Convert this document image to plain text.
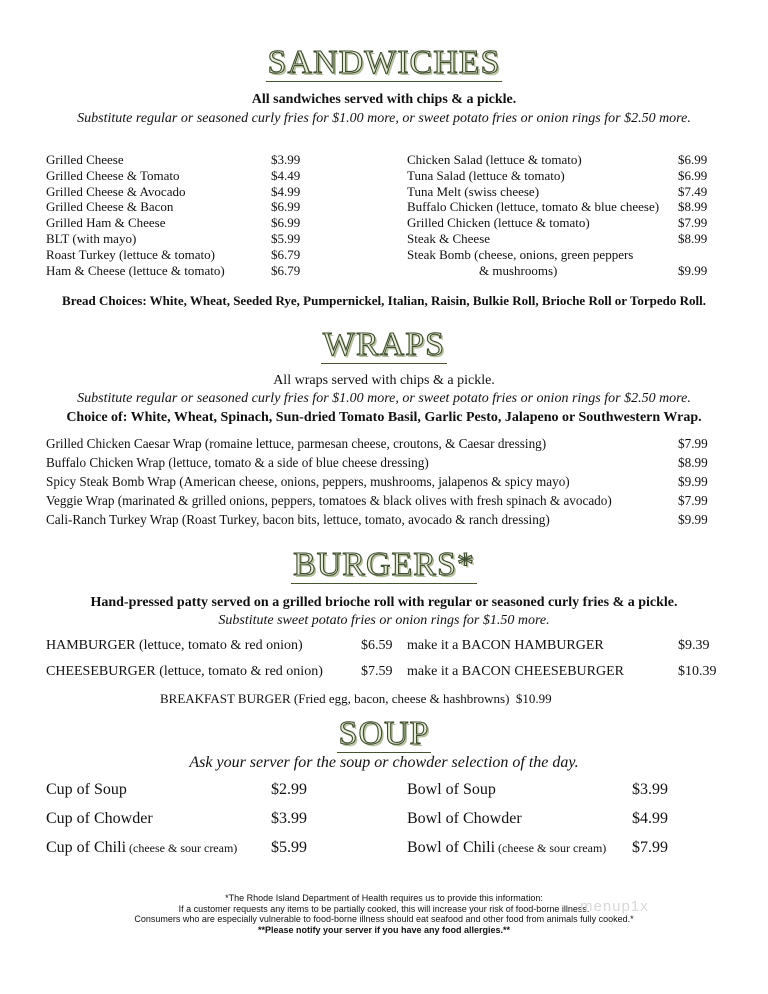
SANDWICHES
All sandwiches served with chips & a pickle.
Substitute regular or seasoned curly fries for $1.00 more, or sweet potato fries or onion rings for $2.50 more.
Grilled Cheese	$3.99
Grilled Cheese & Tomato	$4.49
Grilled Cheese & Avocado	$4.99
Grilled Cheese & Bacon	$6.99
Grilled Ham & Cheese	$6.99
BLT (with mayo)	$5.99
Roast Turkey (lettuce & tomato)	$6.79
Ham & Cheese (lettuce & tomato)	$6.79
Chicken Salad (lettuce & tomato)	$6.99
Tuna Salad (lettuce & tomato)	$6.99
Tuna Melt (swiss cheese)	$7.49
Buffalo Chicken (lettuce, tomato & blue cheese) $8.99
Grilled Chicken (lettuce & tomato)	$7.99
Steak & Cheese	$8.99
Steak Bomb (cheese, onions, green peppers
& mushrooms)	$9.99
Bread Choices: White, Wheat, Seeded Rye, Pumpernickel, Italian, Raisin, Bulkie Roll, Brioche Roll or Torpedo Roll.
WRAPS
All wraps served with chips & a pickle.
Substitute regular or seasoned curly fries for $1.00 more, or sweet potato fries or onion rings for $2.50 more.
Choice of: White, Wheat, Spinach, Sun-dried Tomato Basil, Garlic Pesto, Jalapeno or Southwestern Wrap.
Grilled Chicken Caesar Wrap (romaine lettuce, parmesan cheese, croutons, & Caesar dressing)	$7.99
Buffalo Chicken Wrap (lettuce, tomato & a side of blue cheese dressing)	$8.99
Spicy Steak Bomb Wrap (American cheese, onions, peppers, mushrooms, jalapenos & spicy mayo)	$9.99
Veggie Wrap (marinated & grilled onions, peppers, tomatoes & black olives with fresh spinach & avocado)	$7.99
Cali-Ranch Turkey Wrap (Roast Turkey, bacon bits, lettuce, tomato, avocado & ranch dressing)	$9.99
BURGERS*
Hand-pressed patty served on a grilled brioche roll with regular or seasoned curly fries & a pickle.
Substitute sweet potato fries or onion rings for $1.50 more.
HAMBURGER (lettuce, tomato & red onion)	$6.59 make it a BACON HAMBURGER	$9.39
CHEESEBURGER (lettuce, tomato & red onion)	$7.59 make it a BACON CHEESEBURGER	$10.39
BREAKFAST BURGER (Fried egg, bacon, cheese & hashbrowns) $10.99
SOUP
Ask your server for the soup or chowder selection of the day.
Cup of Soup	$2.99
Cup of Chowder	$3.99
Cup of Chili (cheese & sour cream) $5.99
Bowl of Soup	$3.99
Bowl of Chowder	$4.99
Bowl of Chili (cheese & sour cream) $7.99
*The Rhode Island Department of Health requires us to provide this information:
If a customer requests any items to be partially cooked, this will increase your risk of food-borne illness.
Consumers who are especially vulnerable to food-borne illness should eat seafood and other food from animals fully cooked.*
**Please notify your server if you have any food allergies.**
menup1x
